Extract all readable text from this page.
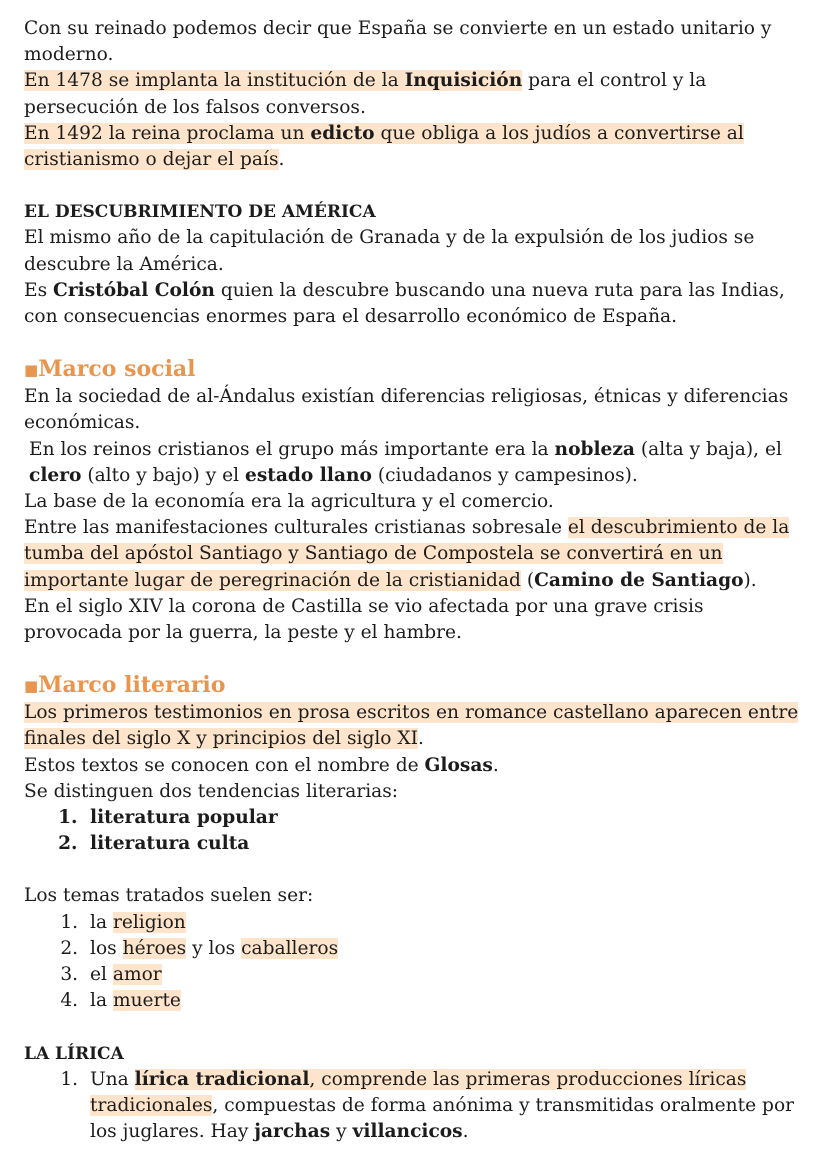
Con su reinado podemos decir que España se convierte en un estado unitario y moderno.

En 1478 se implanta la institución de la Inquisición para el control y la persecución de los falsos conversos.

En 1492 la reina proclama un edicto que obliga a los judíos a convertirse al cristianismo o dejar el país.

EL DESCUBRIMIENTO DE AMÉRICA

El mismo año de la capitulación de Granada y de la expulsión de los judios se descubre la América.

Es Cristóbal Colón quien la descubre buscando una nueva ruta para las Indias, con consecuencias enormes para el desarrollo económico de España.

■Marco social

En la sociedad de al-Ándalus existían diferencias religiosas, étnicas y diferencias económicas.

En los reinos cristianos el grupo más importante era la nobleza (alta y baja), el clero (alto y bajo) y el estado llano (ciudadanos y campesinos).

La base de la economía era la agricultura y el comercio.

Entre las manifestaciones culturales cristianas sobresale el descubrimiento de la tumba del apóstol Santiago y Santiago de Compostela se convertirá en un importante lugar de peregrinación de la cristianidad (Camino de Santiago).

En el siglo XIV la corona de Castilla se vio afectada por una grave crisis provocada por la guerra, la peste y el hambre.

■Marco literario

Los primeros testimonios en prosa escritos en romance castellano aparecen entre finales del siglo X y principios del siglo XI.

Estos textos se conocen con el nombre de Glosas.

Se distinguen dos tendencias literarias:

1. literatura popular
2. literatura culta

Los temas tratados suelen ser:

1. la religion
2. los héroes y los caballeros
3. el amor
4. la muerte
LA LÍRICA
1. Una lírica tradicional, comprende las primeras producciones líricas tradicionales, compuestas de forma anónima y transmitidas oralmente por los juglares. Hay jarchas y villancicos.
